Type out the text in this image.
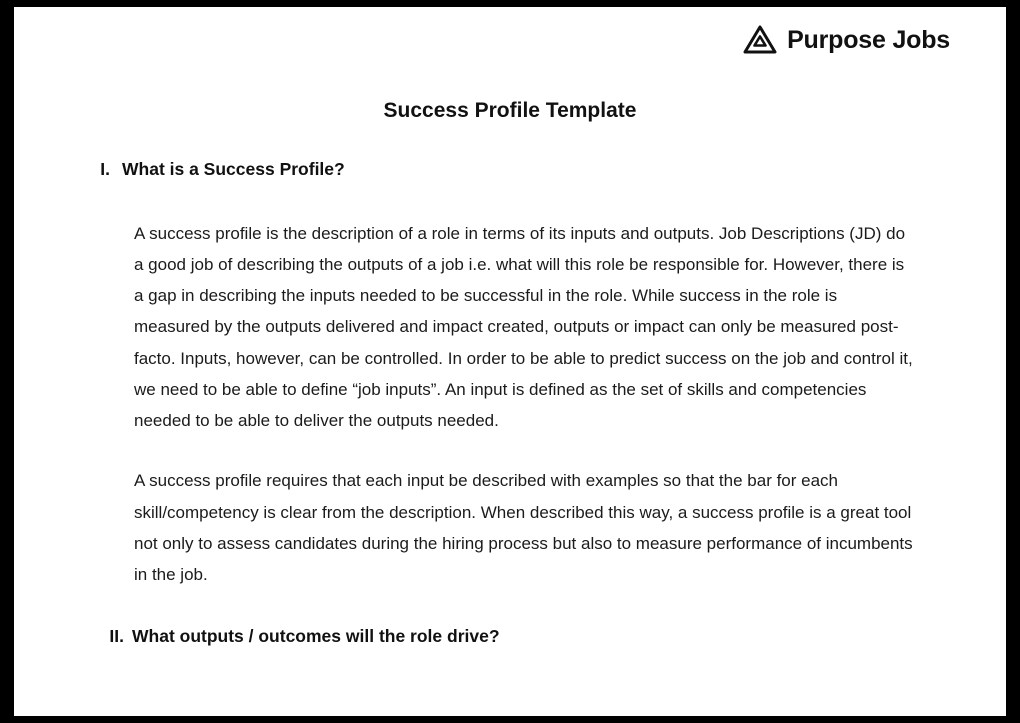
Purpose Jobs
Success Profile Template
I. What is a Success Profile?
A success profile is the description of a role in terms of its inputs and outputs. Job Descriptions (JD) do a good job of describing the outputs of a job i.e. what will this role be responsible for. However, there is a gap in describing the inputs needed to be successful in the role. While success in the role is measured by the outputs delivered and impact created, outputs or impact can only be measured post-facto. Inputs, however, can be controlled. In order to be able to predict success on the job and control it, we need to be able to define “job inputs”. An input is defined as the set of skills and competencies needed to be able to deliver the outputs needed.
A success profile requires that each input be described with examples so that the bar for each skill/competency is clear from the description. When described this way, a success profile is a great tool not only to assess candidates during the hiring process but also to measure performance of incumbents in the job.
II. What outputs / outcomes will the role drive?
